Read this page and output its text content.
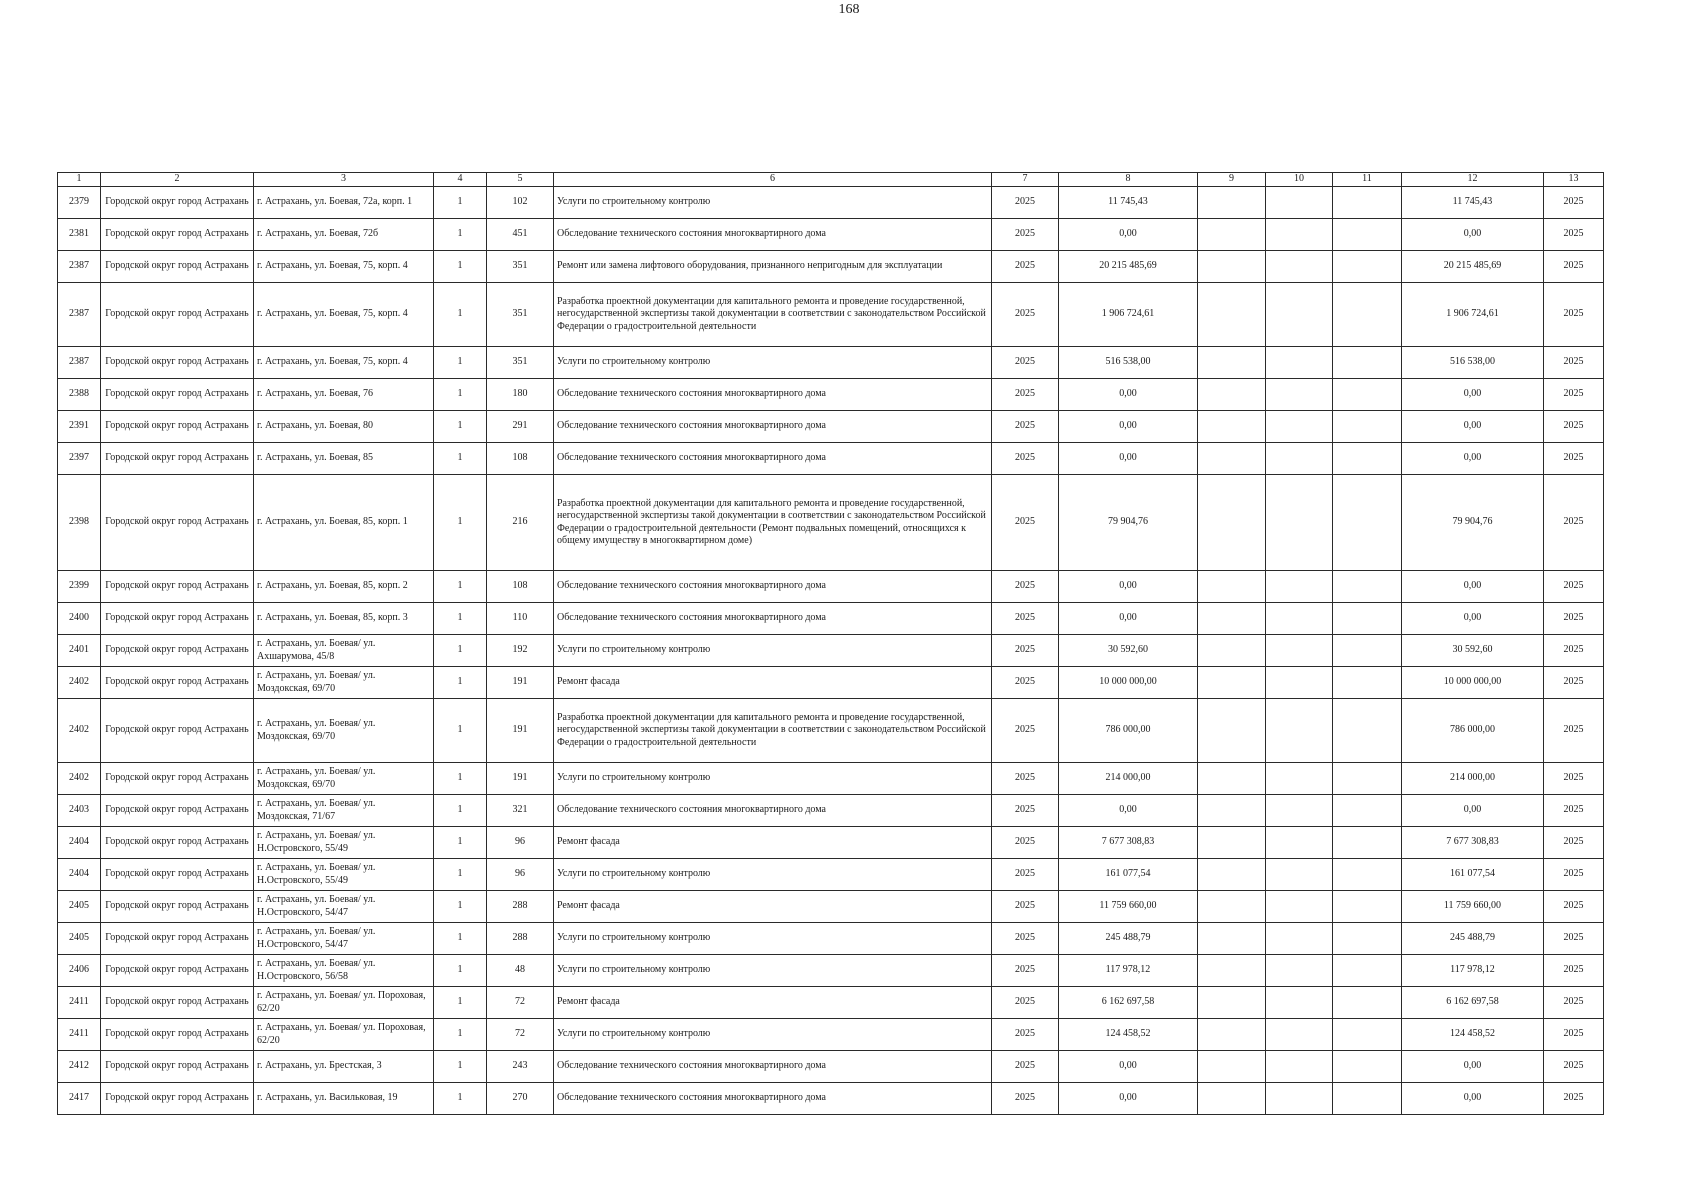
168
1	2	3	4	5	6	7	8	9	10	11	12	13
2379	Городской округ город Астрахань	г. Астрахань, ул. Боевая, 72а, корп. 1	1	102	Услуги по строительному контролю	2025	11 745,43				11 745,43	2025
2381	Городской округ город Астрахань	г. Астрахань, ул. Боевая, 72б	1	451	Обследование технического состояния многоквартирного дома	2025	0,00				0,00	2025
2387	Городской округ город Астрахань	г. Астрахань, ул. Боевая, 75, корп. 4	1	351	Ремонт или замена лифтового оборудования, признанного непригодным для эксплуатации	2025	20 215 485,69				20 215 485,69	2025
2387	Городской округ город Астрахань	г. Астрахань, ул. Боевая, 75, корп. 4	1	351	Разработка проектной документации для капитального ремонта и проведение государственной, негосударственной экспертизы такой документации в соответствии с законодательством Российской Федерации о градостроительной деятельности	2025	1 906 724,61				1 906 724,61	2025
2387	Городской округ город Астрахань	г. Астрахань, ул. Боевая, 75, корп. 4	1	351	Услуги по строительному контролю	2025	516 538,00				516 538,00	2025
2388	Городской округ город Астрахань	г. Астрахань, ул. Боевая, 76	1	180	Обследование технического состояния многоквартирного дома	2025	0,00				0,00	2025
2391	Городской округ город Астрахань	г. Астрахань, ул. Боевая, 80	1	291	Обследование технического состояния многоквартирного дома	2025	0,00				0,00	2025
2397	Городской округ город Астрахань	г. Астрахань, ул. Боевая, 85	1	108	Обследование технического состояния многоквартирного дома	2025	0,00				0,00	2025
2398	Городской округ город Астрахань	г. Астрахань, ул. Боевая, 85, корп. 1	1	216	Разработка проектной документации для капитального ремонта и проведение государственной, негосударственной экспертизы такой документации в соответствии с законодательством Российской Федерации о градостроительной деятельности (Ремонт подвальных помещений, относящихся к общему имуществу в многоквартирном доме)	2025	79 904,76				79 904,76	2025
2399	Городской округ город Астрахань	г. Астрахань, ул. Боевая, 85, корп. 2	1	108	Обследование технического состояния многоквартирного дома	2025	0,00				0,00	2025
2400	Городской округ город Астрахань	г. Астрахань, ул. Боевая, 85, корп. 3	1	110	Обследование технического состояния многоквартирного дома	2025	0,00				0,00	2025
2401	Городской округ город Астрахань	г. Астрахань, ул. Боевая/ ул. Ахшарумова, 45/8	1	192	Услуги по строительному контролю	2025	30 592,60				30 592,60	2025
2402	Городской округ город Астрахань	г. Астрахань, ул. Боевая/ ул. Моздокская, 69/70	1	191	Ремонт фасада	2025	10 000 000,00				10 000 000,00	2025
2402	Городской округ город Астрахань	г. Астрахань, ул. Боевая/ ул. Моздокская, 69/70	1	191	Разработка проектной документации для капитального ремонта и проведение государственной, негосударственной экспертизы такой документации в соответствии с законодательством Российской Федерации о градостроительной деятельности	2025	786 000,00				786 000,00	2025
2402	Городской округ город Астрахань	г. Астрахань, ул. Боевая/ ул. Моздокская, 69/70	1	191	Услуги по строительному контролю	2025	214 000,00				214 000,00	2025
2403	Городской округ город Астрахань	г. Астрахань, ул. Боевая/ ул. Моздокская, 71/67	1	321	Обследование технического состояния многоквартирного дома	2025	0,00				0,00	2025
2404	Городской округ город Астрахань	г. Астрахань, ул. Боевая/ ул. Н.Островского, 55/49	1	96	Ремонт фасада	2025	7 677 308,83				7 677 308,83	2025
2404	Городской округ город Астрахань	г. Астрахань, ул. Боевая/ ул. Н.Островского, 55/49	1	96	Услуги по строительному контролю	2025	161 077,54				161 077,54	2025
2405	Городской округ город Астрахань	г. Астрахань, ул. Боевая/ ул. Н.Островского, 54/47	1	288	Ремонт фасада	2025	11 759 660,00				11 759 660,00	2025
2405	Городской округ город Астрахань	г. Астрахань, ул. Боевая/ ул. Н.Островского, 54/47	1	288	Услуги по строительному контролю	2025	245 488,79				245 488,79	2025
2406	Городской округ город Астрахань	г. Астрахань, ул. Боевая/ ул. Н.Островского, 56/58	1	48	Услуги по строительному контролю	2025	117 978,12				117 978,12	2025
2411	Городской округ город Астрахань	г. Астрахань, ул. Боевая/ ул. Пороховая, 62/20	1	72	Ремонт фасада	2025	6 162 697,58				6 162 697,58	2025
2411	Городской округ город Астрахань	г. Астрахань, ул. Боевая/ ул. Пороховая, 62/20	1	72	Услуги по строительному контролю	2025	124 458,52				124 458,52	2025
2412	Городской округ город Астрахань	г. Астрахань, ул. Брестская, 3	1	243	Обследование технического состояния многоквартирного дома	2025	0,00				0,00	2025
2417	Городской округ город Астрахань	г. Астрахань, ул. Васильковая, 19	1	270	Обследование технического состояния многоквартирного дома	2025	0,00				0,00	2025
